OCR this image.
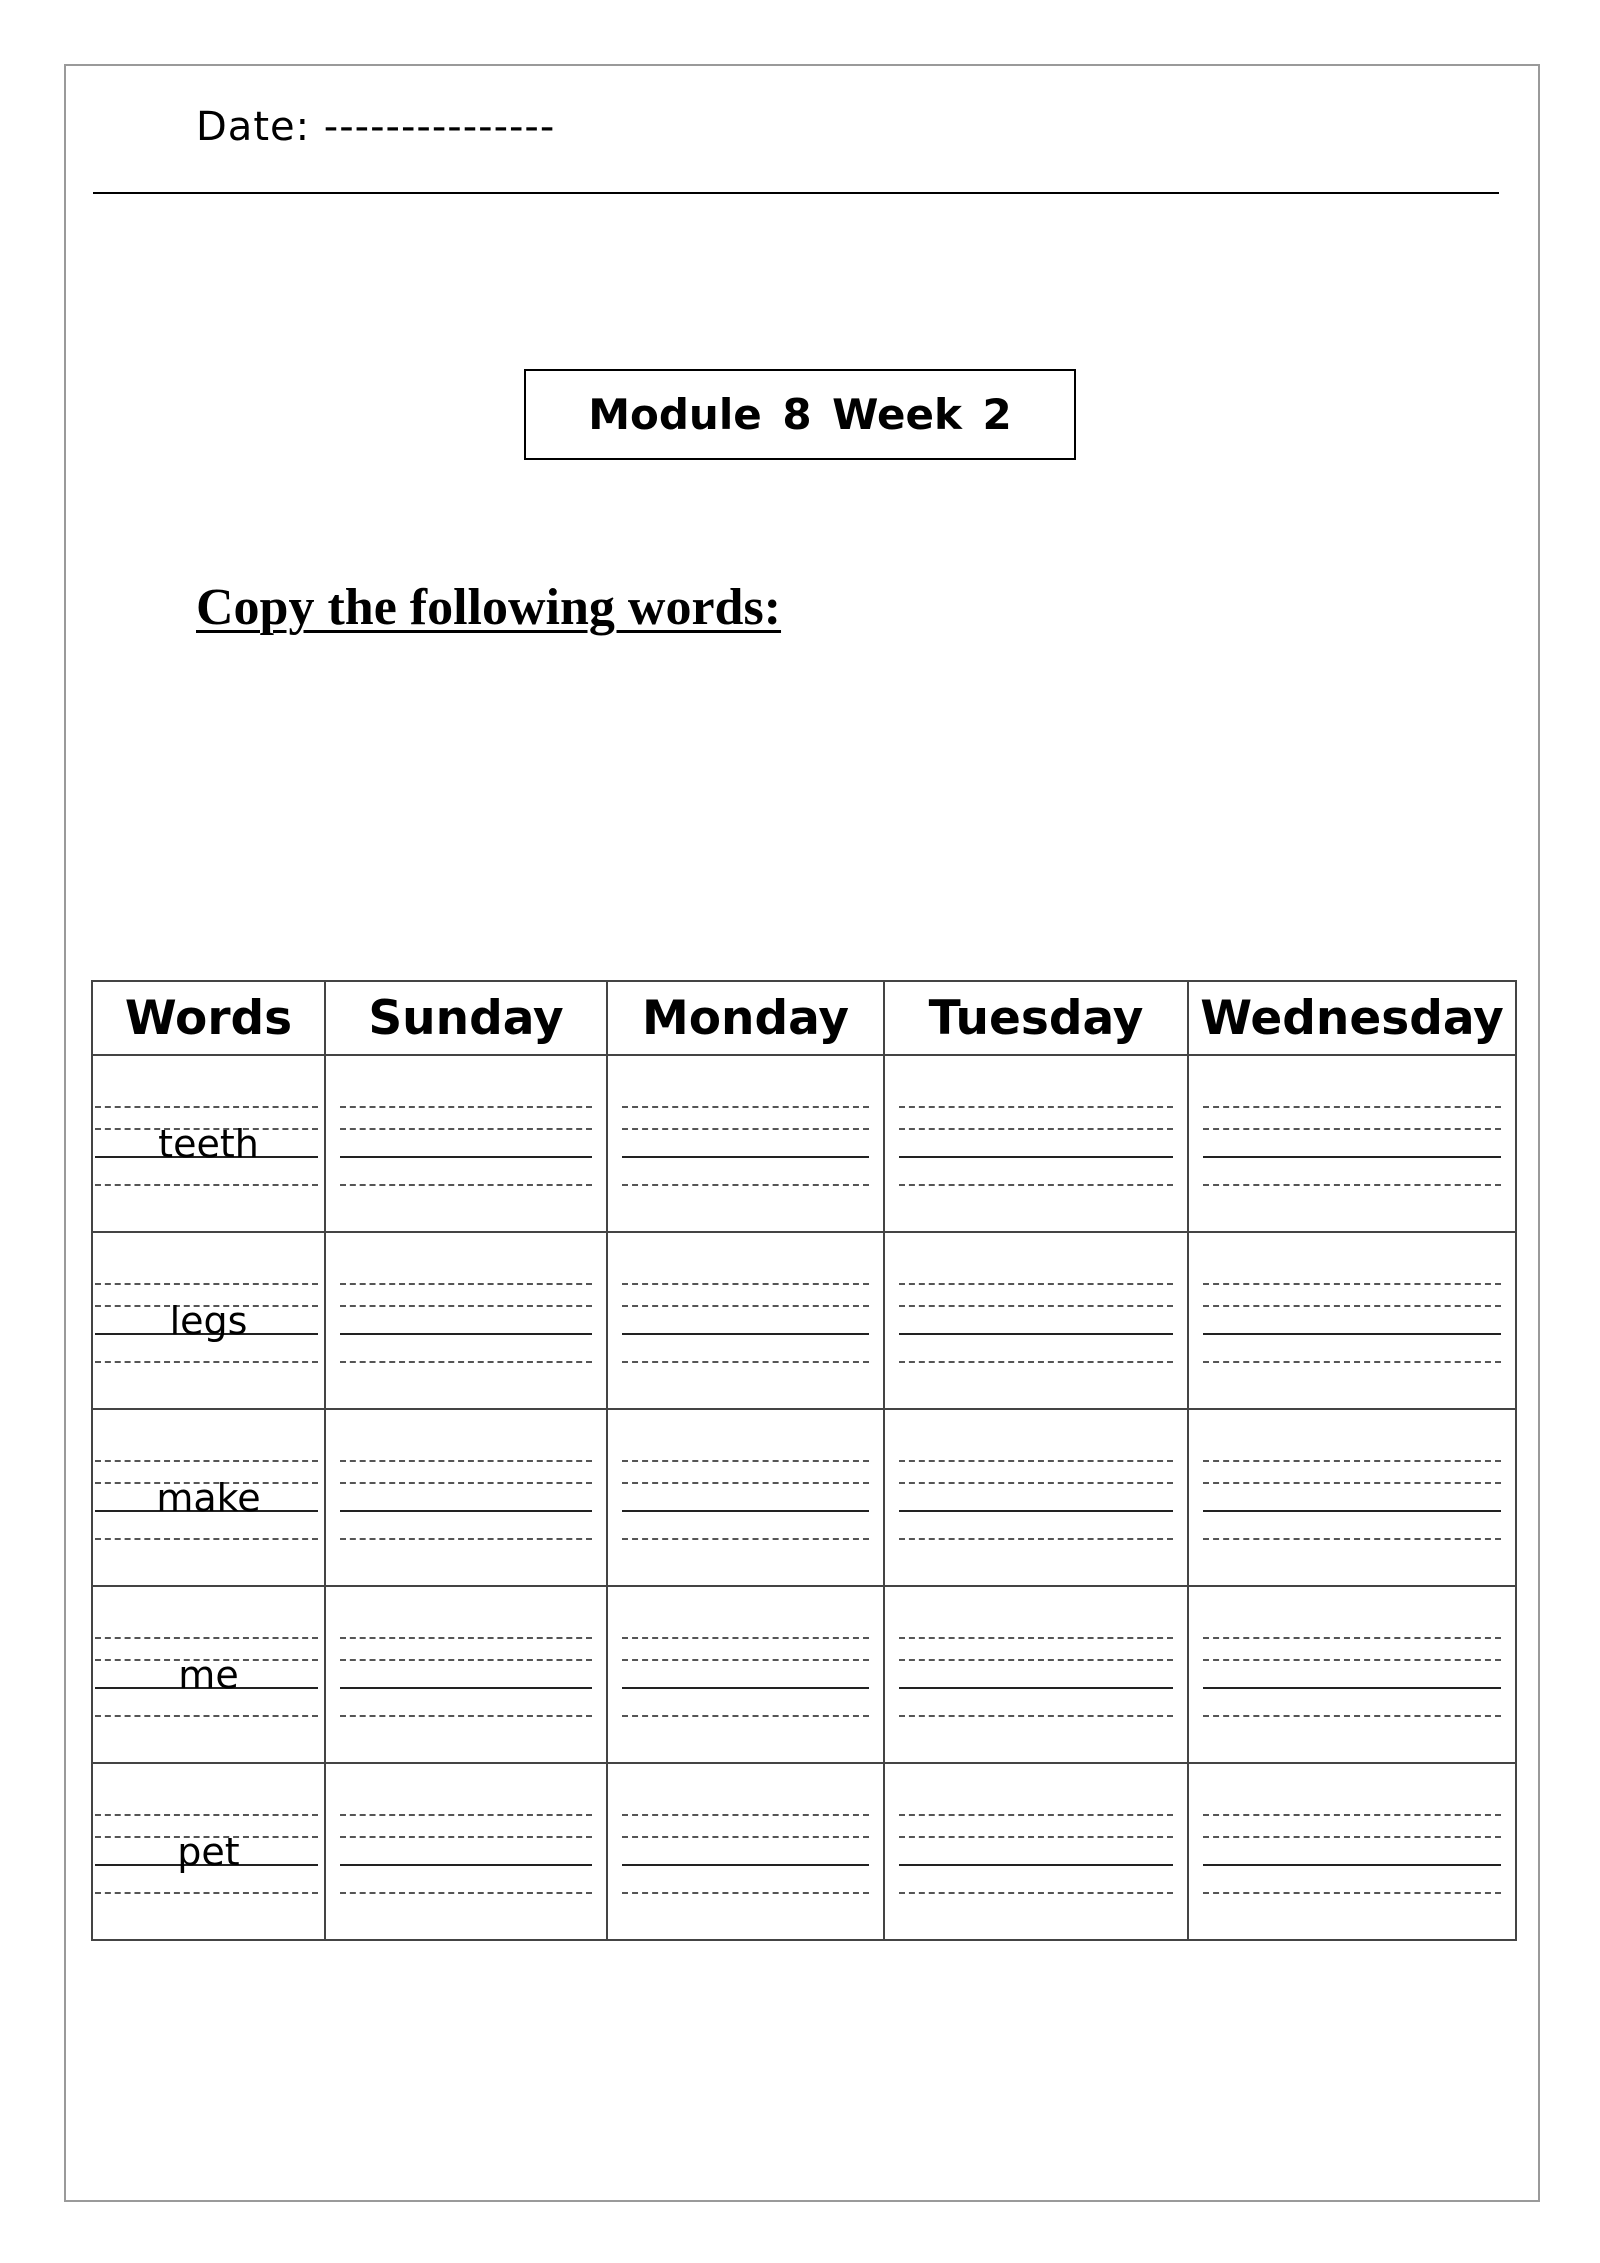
Date: ---------------
Module 8 Week 2
Copy the following words:
Words	Sunday	Monday	Tuesday	Wednesday

teeth				

legs				

make				

me				

pet				
